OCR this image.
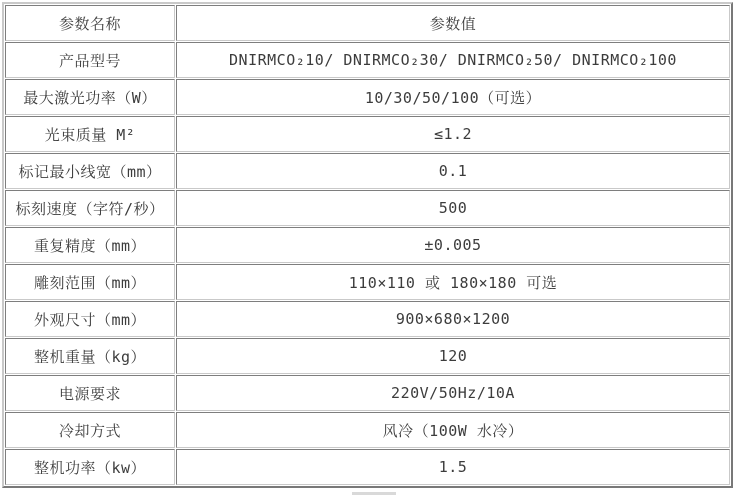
参数名称	参数值
产品型号	DNIRMCO₂10/ DNIRMCO₂30/ DNIRMCO₂50/ DNIRMCO₂100
最大激光功率（W）	10/30/50/100（可选）
光束质量 M²	≤1.2
标记最小线宽（mm）	0.1
标刻速度（字符/秒）	500
重复精度（mm）	±0.005
雕刻范围（mm）	110×110 或 180×180 可选
外观尺寸（mm）	900×680×1200
整机重量（kg）	120
电源要求	220V/50Hz/10A
冷却方式	风冷（100W 水冷）
整机功率（kw）	1.5
